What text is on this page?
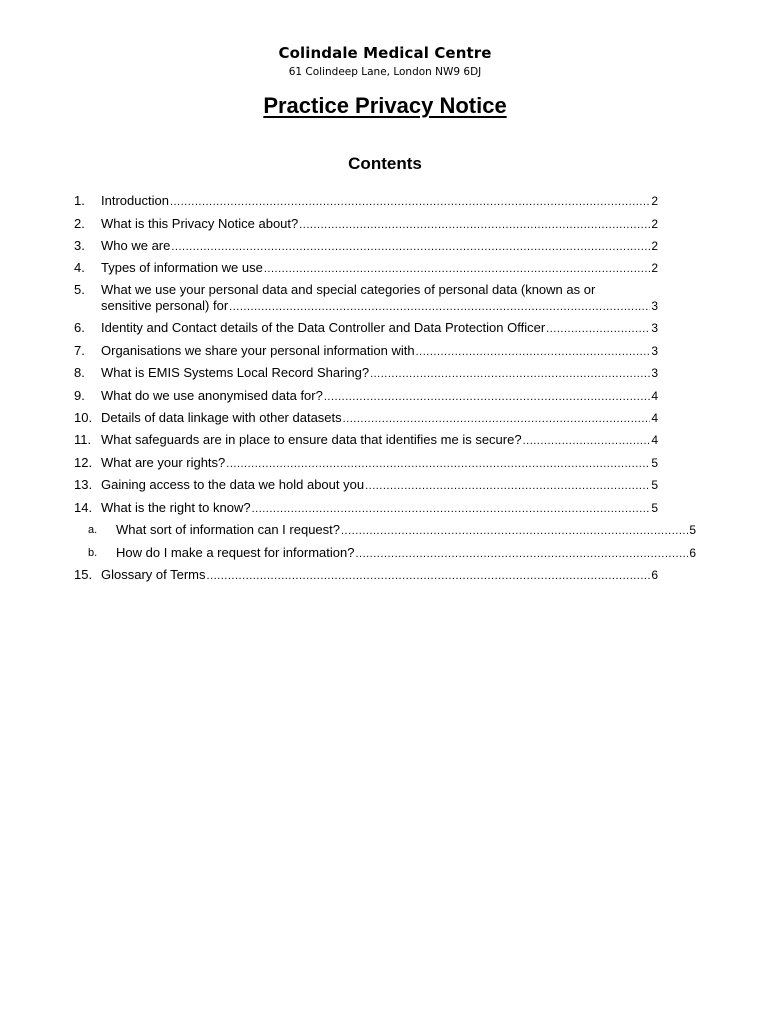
Colindale Medical Centre
61 Colindeep Lane, London NW9 6DJ
Practice Privacy Notice
Contents
1. Introduction .....	2
2. What is this Privacy Notice about? .....	2
3. Who we are .....	2
4. Types of information we use .....	2
5. What we use your personal data and special categories of personal data (known as or
sensitive personal) for .....	3
6. Identity and Contact details of the Data Controller and Data Protection Officer .....	3
7. Organisations we share your personal information with .....	3
8. What is EMIS Systems Local Record Sharing? .....	3
9. What do we use anonymised data for? .....	4
10. Details of data linkage with other datasets .....	4
11. What safeguards are in place to ensure data that identifies me is secure? .....	4
12. What are your rights? .....	5
13. Gaining access to the data we hold about you .....	5
14. What is the right to know? .....	5
a. What sort of information can I request? .....	5
b. How do I make a request for information? .....	6
15. Glossary of Terms .....	6
